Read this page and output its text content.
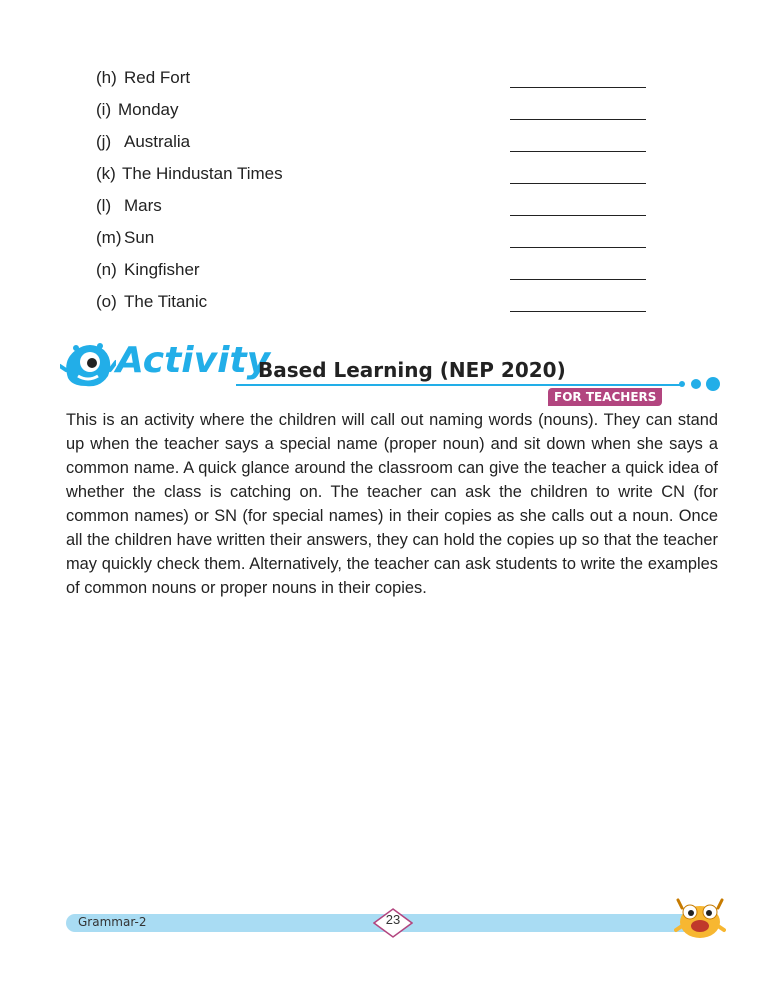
(h) Red Fort
(i) Monday
(j) Australia
(k) The Hindustan Times
(l) Mars
(m) Sun
(n) Kingfisher
(o) The Titanic
Activity
Based Learning (NEP 2020)
FOR TEACHERS

This is an activity where the children will call out naming words (nouns). They can stand up when the teacher says a special name (proper noun) and sit down when she says a common name. A quick glance around the classroom can give the teacher a quick idea of whether the class is catching on. The teacher can ask the children to write CN (for common names) or SN (for special names) in their copies as she calls out a noun. Once all the children have written their answers, they can hold the copies up so that the teacher may quickly check them. Alternatively, the teacher can ask students to write the examples of common nouns or proper nouns in their copies.

Grammar-2	23
